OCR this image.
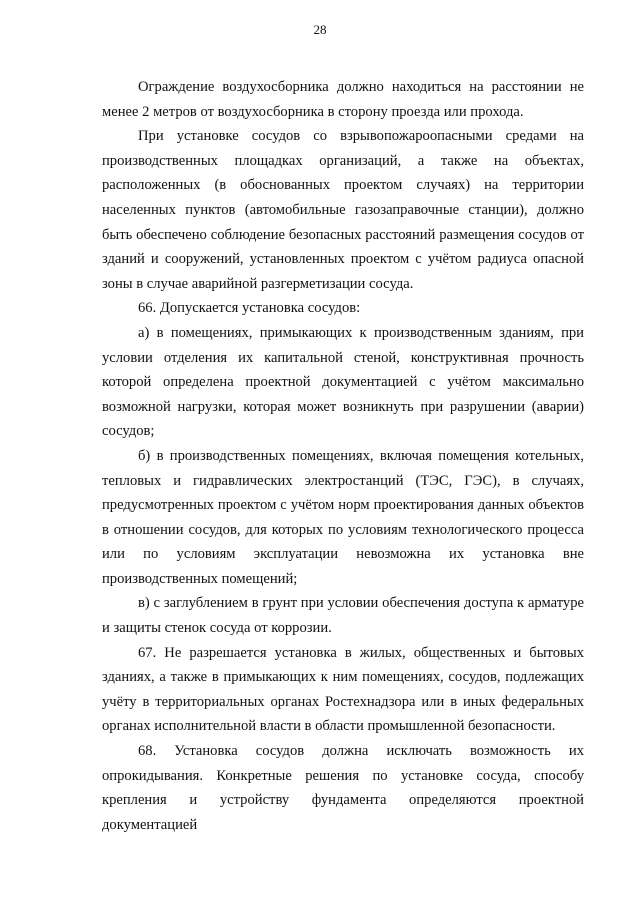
28

Ограждение воздухосборника должно находиться на расстоянии не менее 2 метров от воздухосборника в сторону проезда или прохода.

При установке сосудов со взрывопожароопасными средами на производственных площадках организаций, а также на объектах, расположенных (в обоснованных проектом случаях) на территории населенных пунктов (автомобильные газозаправочные станции), должно быть обеспечено соблюдение безопасных расстояний размещения сосудов от зданий и сооружений, установленных проектом с учётом радиуса опасной зоны в случае аварийной разгерметизации сосуда.

66. Допускается установка сосудов:

а) в помещениях, примыкающих к производственным зданиям, при условии отделения их капитальной стеной, конструктивная прочность которой определена проектной документацией с учётом максимально возможной нагрузки, которая может возникнуть при разрушении (аварии) сосудов;

б) в производственных помещениях, включая помещения котельных, тепловых и гидравлических электростанций (ТЭС, ГЭС), в случаях, предусмотренных проектом с учётом норм проектирования данных объектов в отношении сосудов, для которых по условиям технологического процесса или по условиям эксплуатации невозможна их установка вне производственных помещений;

в) с заглублением в грунт при условии обеспечения доступа к арматуре и защиты стенок сосуда от коррозии.

67. Не разрешается установка в жилых, общественных и бытовых зданиях, а также в примыкающих к ним помещениях, сосудов, подлежащих учёту в территориальных органах Ростехнадзора или в иных федеральных органах исполнительной власти в области промышленной безопасности.

68. Установка сосудов должна исключать возможность их опрокидывания. Конкретные решения по установке сосуда, способу крепления и устройству фундамента определяются проектной документацией
